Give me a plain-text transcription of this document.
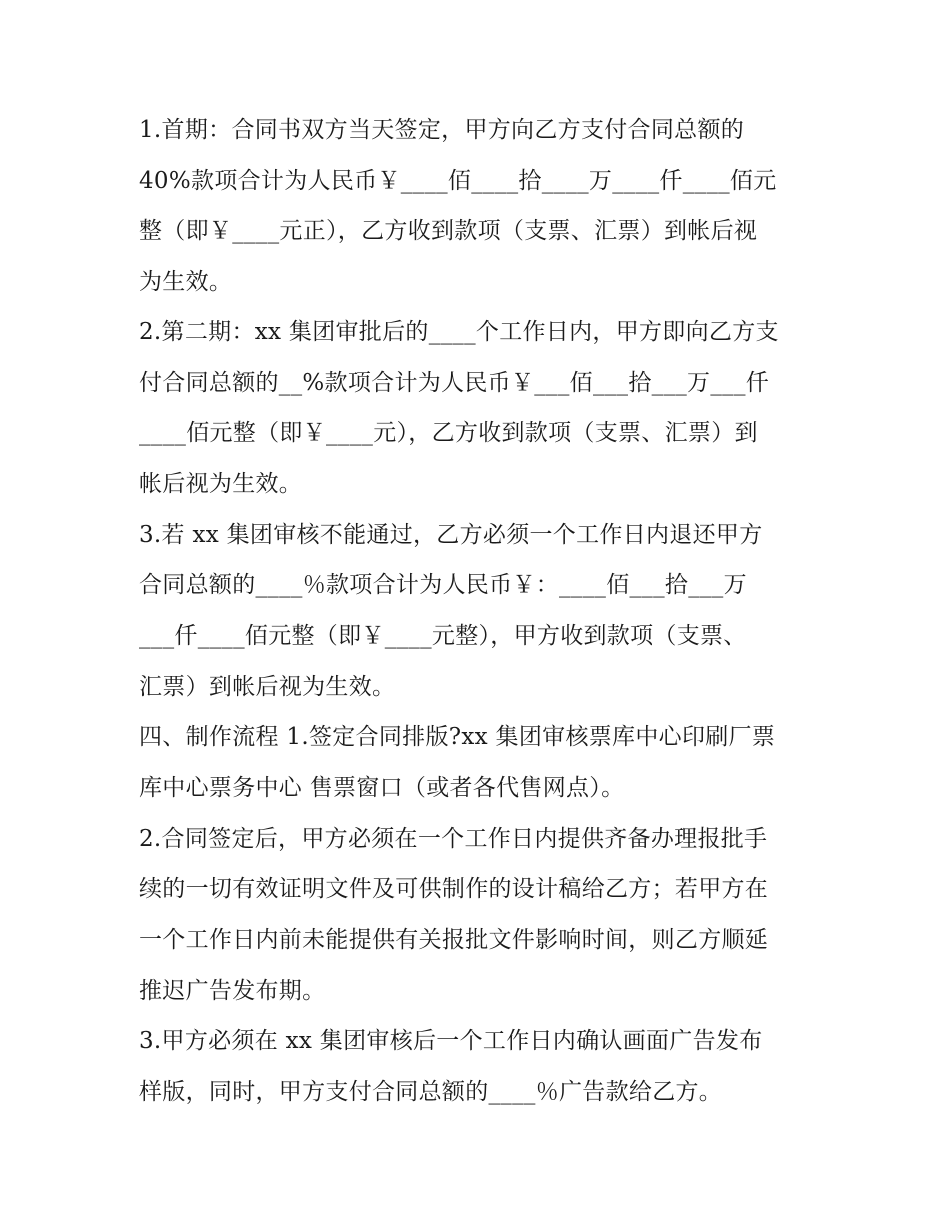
1.首期：合同书双方当天签定，甲方向乙方支付合同总额的

40%款项合计为人民币￥____佰____拾____万____仟____佰元

整（即￥____元正），乙方收到款项（支票、汇票）到帐后视

为生效。

2.第二期：xx 集团审批后的____个工作日内，甲方即向乙方支

付合同总额的__%款项合计为人民币￥___佰___拾___万___仟

____佰元整（即￥____元），乙方收到款项（支票、汇票）到

帐后视为生效。

3.若 xx 集团审核不能通过，乙方必须一个工作日内退还甲方

合同总额的____％款项合计为人民币￥：____佰___拾___万

___仟____佰元整（即￥____元整），甲方收到款项（支票、

汇票）到帐后视为生效。

四、制作流程 1.签定合同排版?xx 集团审核票库中心印刷厂票

库中心票务中心 售票窗口（或者各代售网点）。

2.合同签定后，甲方必须在一个工作日内提供齐备办理报批手

续的一切有效证明文件及可供制作的设计稿给乙方；若甲方在

一个工作日内前未能提供有关报批文件影响时间，则乙方顺延

推迟广告发布期。

3.甲方必须在 xx 集团审核后一个工作日内确认画面广告发布

样版，同时，甲方支付合同总额的____％广告款给乙方。
